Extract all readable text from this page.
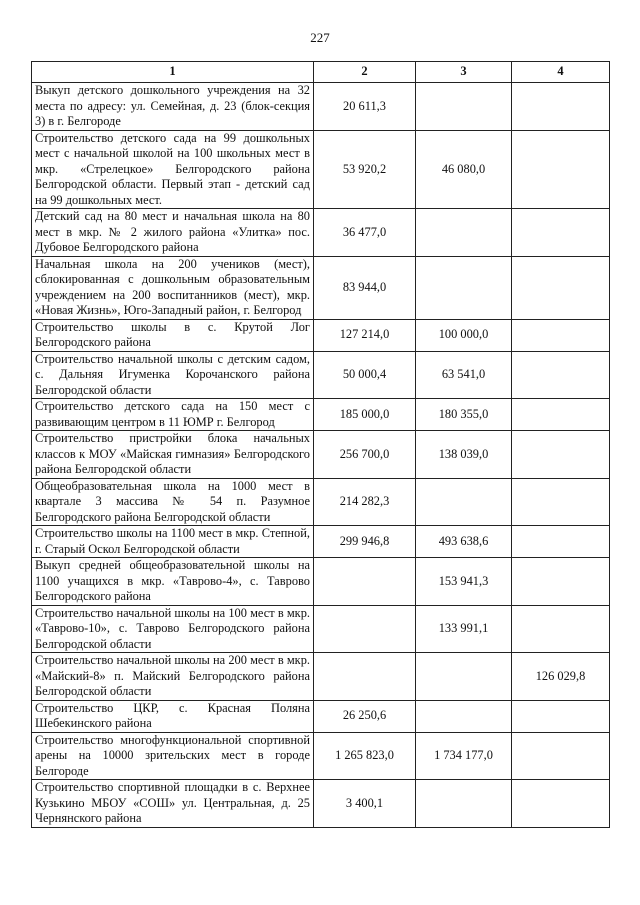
227
1	2	3	4
Выкуп детского дошкольного учреждения на 32 места по адресу: ул. Семейная, д. 23 (блок-секция 3) в г. Белгороде	20 611,3		
Строительство детского сада на 99 дошкольных мест с начальной школой на 100 школьных мест в мкр. «Стрелецкое» Белгородского района Белгородской области. Первый этап - детский сад на 99 дошкольных мест.	53 920,2	46 080,0	
Детский сад на 80 мест и начальная школа на 80 мест в мкр. № 2 жилого района «Улитка» пос. Дубовое Белгородского района	36 477,0		
Начальная школа на 200 учеников (мест), сблокированная с дошкольным образовательным учреждением на 200 воспитанников (мест), мкр. «Новая Жизнь», Юго-Западный район, г. Белгород	83 944,0		
Строительство школы в с. Крутой Лог Белгородского района	127 214,0	100 000,0	
Строительство начальной школы с детским садом, с. Дальняя Игуменка Корочанского района Белгородской области	50 000,4	63 541,0	
Строительство детского сада на 150 мест с развивающим центром в 11 ЮМР г. Белгород	185 000,0	180 355,0	
Строительство пристройки блока начальных классов к МОУ «Майская гимназия» Белгородского района Белгородской области	256 700,0	138 039,0	
Общеобразовательная школа на 1000 мест в квартале 3 массива № 54 п. Разумное Белгородского района Белгородской области	214 282,3		
Строительство школы на 1100 мест в мкр. Степной, г. Старый Оскол Белгородской области	299 946,8	493 638,6	
Выкуп средней общеобразовательной школы на 1100 учащихся в мкр. «Таврово-4», с. Таврово Белгородского района		153 941,3	
Строительство начальной школы на 100 мест в мкр. «Таврово-10», с. Таврово Белгородского района Белгородской области		133 991,1	
Строительство начальной школы на 200 мест в мкр. «Майский-8» п. Майский Белгородского района Белгородской области			126 029,8
Строительство ЦКР, с. Красная Поляна Шебекинского района	26 250,6		
Строительство многофункциональной спортивной арены на 10000 зрительских мест в городе Белгороде	1 265 823,0	1 734 177,0	
Строительство спортивной площадки в с. Верхнее Кузькино МБОУ «СОШ» ул. Центральная, д. 25 Чернянского района	3 400,1		
